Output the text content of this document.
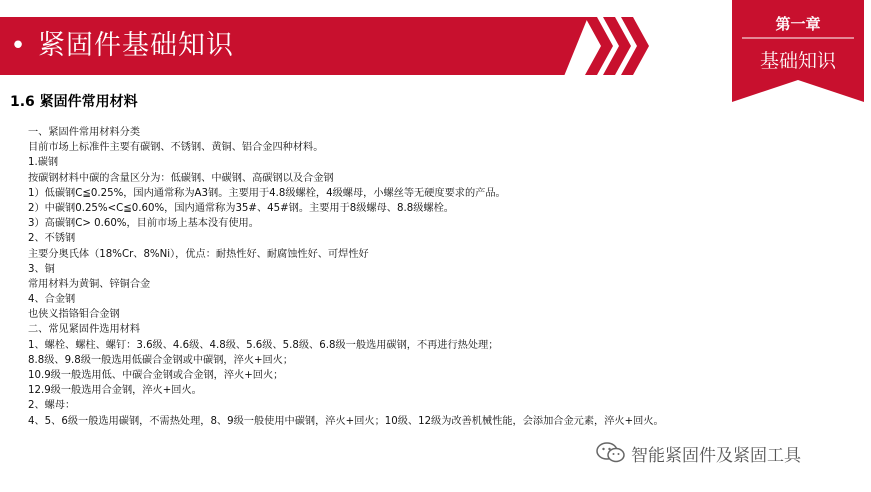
• 紧固件基础知识
第一章
基础知识
1.6 紧固件常用材料
一、紧固件常用材料分类
目前市场上标准件主要有碳钢、不锈钢、黄铜、铝合金四种材料。
1.碳钢
按碳钢材料中碳的含量区分为：低碳钢、中碳钢、高碳钢以及合金钢
1）低碳钢C≦0.25%，国内通常称为A3钢。主要用于4.8级螺栓，4级螺母，小螺丝等无硬度要求的产品。
2）中碳钢0.25%<C≦0.60%，国内通常称为35#、45#钢。主要用于8级螺母、8.8级螺栓。
3）高碳钢C> 0.60%，目前市场上基本没有使用。
2、不锈钢
主要分奥氏体（18%Cr、8%Ni），优点：耐热性好、耐腐蚀性好、可焊性好
3、铜
常用材料为黄铜、锌铜合金
4、合金钢
也侠义指铬钼合金钢
二、常见紧固件选用材料
1、螺栓、螺柱、螺钉：3.6级、4.6级、4.8级、5.6级、5.8级、6.8级一般选用碳钢，不再进行热处理；
8.8级、9.8级一般选用低碳合金钢或中碳钢，淬火+回火；
10.9级一般选用低、中碳合金钢或合金钢，淬火+回火；
12.9级一般选用合金钢，淬火+回火。
2、螺母：
4、5、6级一般选用碳钢，不需热处理，8、9级一般使用中碳钢，淬火+回火；10级、12级为改善机械性能，会添加合金元素，淬火+回火。
智能紧固件及紧固工具
